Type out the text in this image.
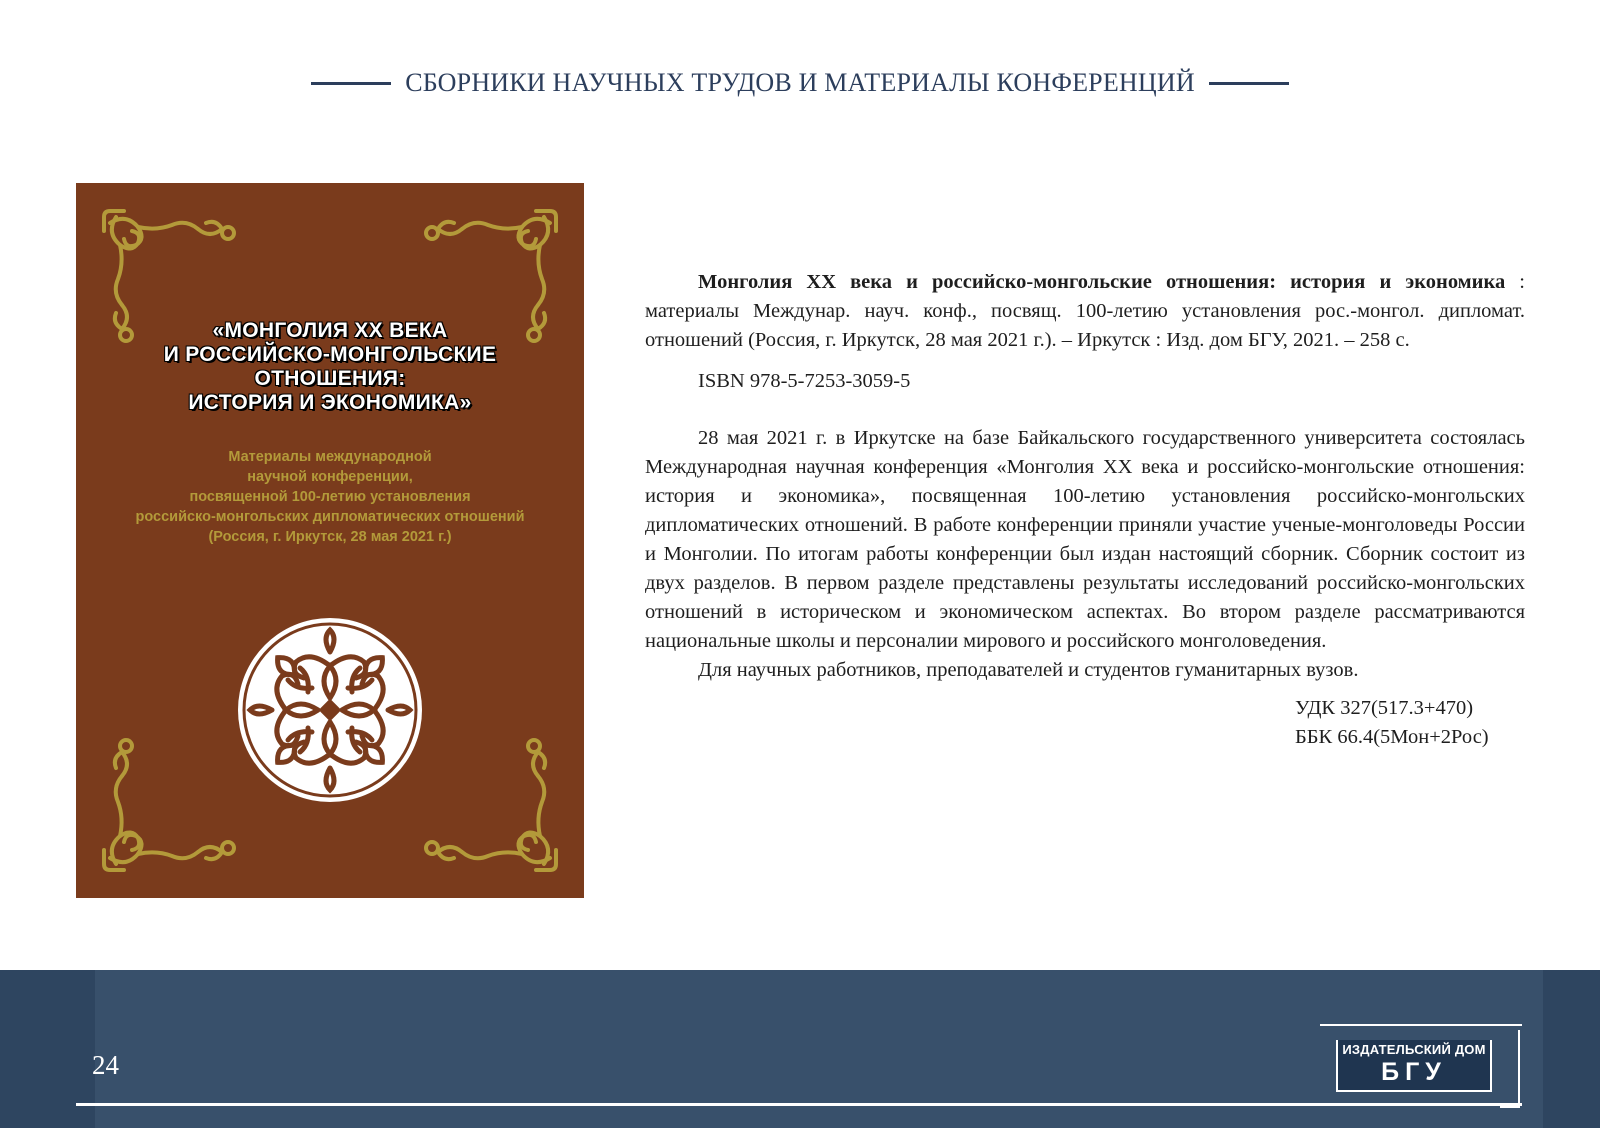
СБОРНИКИ НАУЧНЫХ ТРУДОВ И МАТЕРИАЛЫ КОНФЕРЕНЦИЙ
«МОНГОЛИЯ XX ВЕКА
И РОССИЙСКО-МОНГОЛЬСКИЕ
ОТНОШЕНИЯ:
ИСТОРИЯ И ЭКОНОМИКА»
Материалы международной
научной конференции,
посвященной 100-летию установления
российско-монгольских дипломатических отношений
(Россия, г. Иркутск, 28 мая 2021 г.)

Монголия XX века и российско-монгольские отношения: история и экономика : материалы Междунар. науч. конф., посвящ. 100-летию установления рос.-монгол. дипломат. отношений (Россия, г. Иркутск, 28 мая 2021 г.). – Иркутск : Изд. дом БГУ, 2021. – 258 с.

ISBN 978-5-7253-3059-5

28 мая 2021 г. в Иркутске на базе Байкальского государственного университета состоялась Международная научная конференция «Монголия XX века и российско-монгольские отношения: история и экономика», посвященная 100-летию установления российско-монгольских дипломатических отношений. В работе конференции приняли участие ученые-монголоведы России и Монголии. По итогам работы конференции был издан настоящий сборник. Сборник состоит из двух разделов. В первом разделе представлены результаты исследований российско-монгольских отношений в историческом и экономическом аспектах. Во втором разделе рассматриваются национальные школы и персоналии мирового и российского монголоведения.

Для научных работников, преподавателей и студентов гуманитарных вузов.

УДК 327(517.3+470)

ББК 66.4(5Мон+2Рос)

24
ИЗДАТЕЛЬСКИЙ ДОМ
БГУ
